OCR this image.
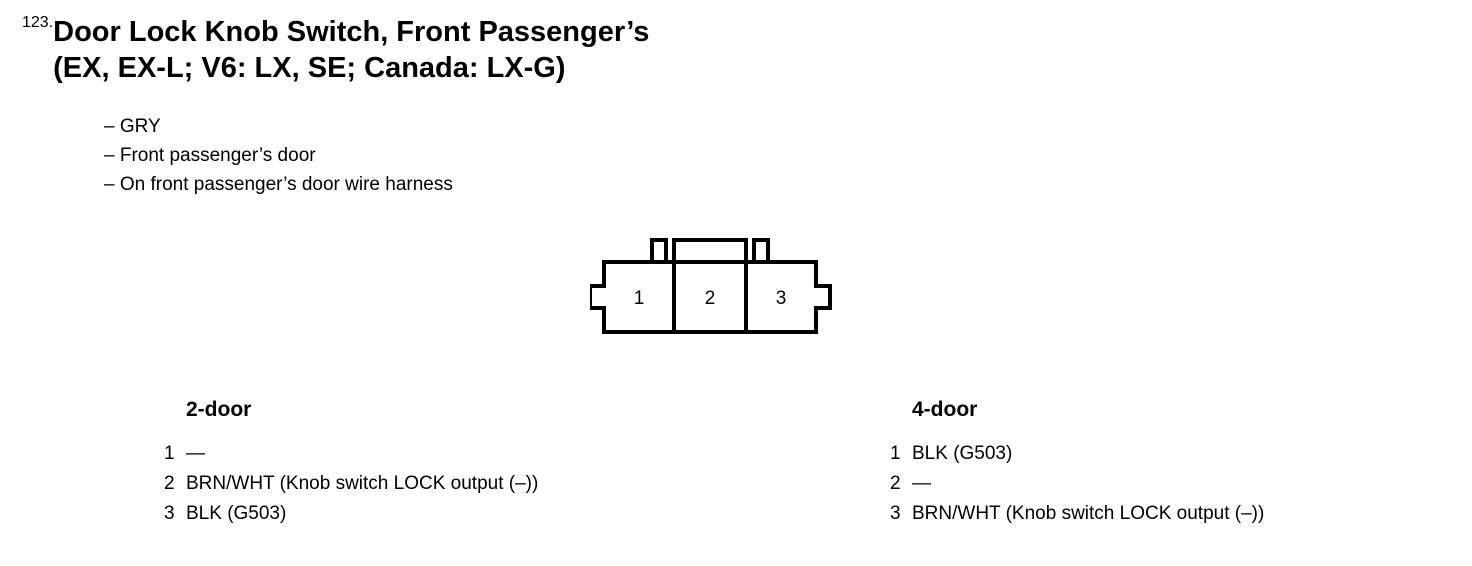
123. Door Lock Knob Switch, Front Passenger’s
(EX, EX-L; V6: LX, SE; Canada: LX-G)
– GRY
– Front passenger’s door
– On front passenger’s door wire harness
1	2	3
2-door
1 —
2 BRN/WHT (Knob switch LOCK output (–))
3 BLK (G503)
4-door
1 BLK (G503)
2 —
3 BRN/WHT (Knob switch LOCK output (–))
